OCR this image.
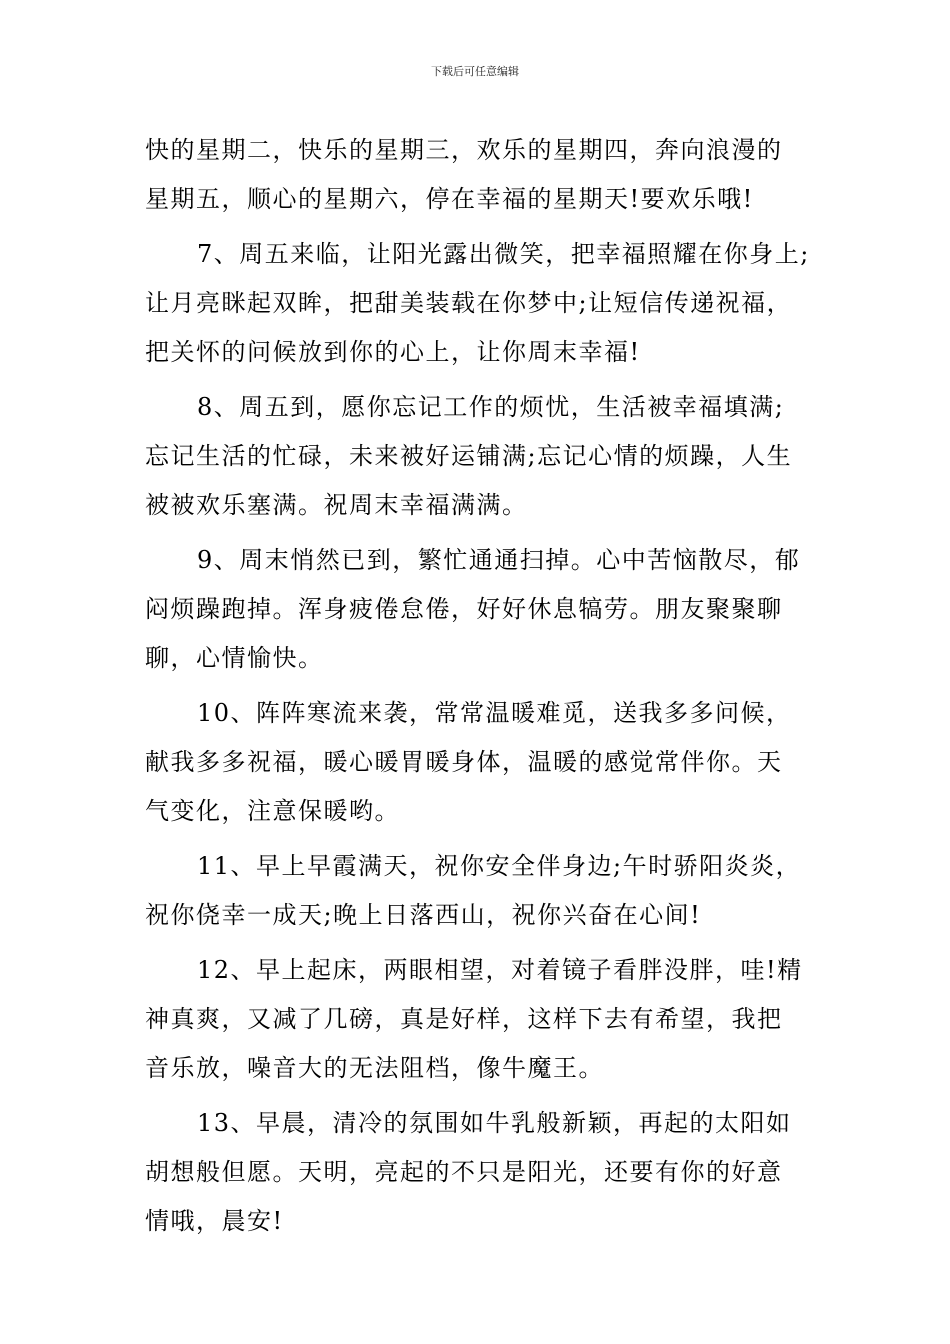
下载后可任意编辑
快的星期二，快乐的星期三，欢乐的星期四，奔向浪漫的
星期五，顺心的星期六，停在幸福的星期天!要欢乐哦!
7、周五来临，让阳光露出微笑，把幸福照耀在你身上;
让月亮眯起双眸，把甜美装载在你梦中;让短信传递祝福，
把关怀的问候放到你的心上，让你周末幸福!
8、周五到，愿你忘记工作的烦忧，生活被幸福填满;
忘记生活的忙碌，未来被好运铺满;忘记心情的烦躁，人生
被被欢乐塞满。祝周末幸福满满。
9、周末悄然已到，繁忙通通扫掉。心中苦恼散尽，郁
闷烦躁跑掉。浑身疲倦怠倦，好好休息犒劳。朋友聚聚聊
聊，心情愉快。
10、阵阵寒流来袭，常常温暖难觅，送我多多问候，
献我多多祝福，暖心暖胃暖身体，温暖的感觉常伴你。天
气变化，注意保暖哟。
11、早上早霞满天，祝你安全伴身边;午时骄阳炎炎，
祝你侥幸一成天;晚上日落西山，祝你兴奋在心间!
12、早上起床，两眼相望，对着镜子看胖没胖，哇!精
神真爽，又减了几磅，真是好样，这样下去有希望，我把
音乐放，噪音大的无法阻档，像牛魔王。
13、早晨，清冷的氛围如牛乳般新颖，再起的太阳如
胡想般但愿。天明，亮起的不只是阳光，还要有你的好意
情哦，晨安!
